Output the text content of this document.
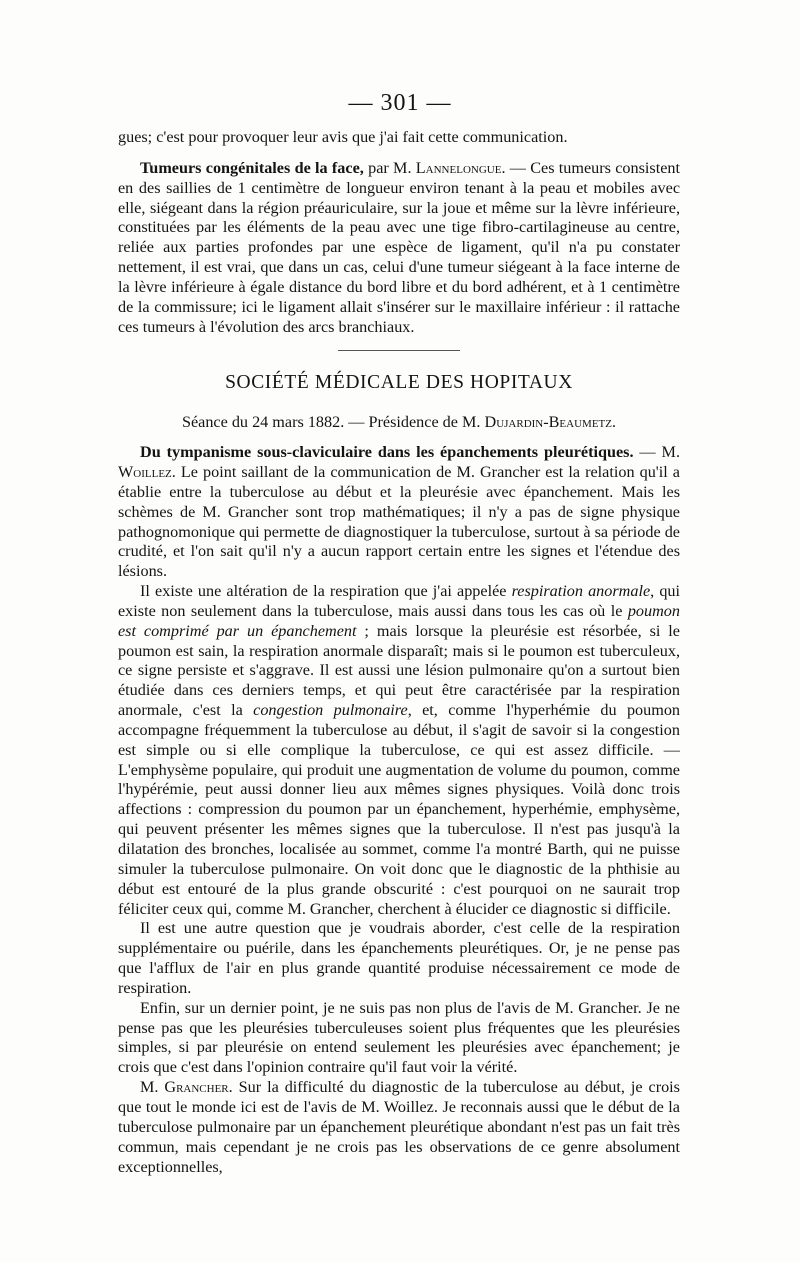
— 301 —

gues; c'est pour provoquer leur avis que j'ai fait cette communication.

Tumeurs congénitales de la face, par M. Lannelongue. — Ces tumeurs consistent en des saillies de 1 centimètre de longueur environ tenant à la peau et mobiles avec elle, siégeant dans la région préauriculaire, sur la joue et même sur la lèvre inférieure, constituées par les éléments de la peau avec une tige fibro-cartilagineuse au centre, reliée aux parties profondes par une espèce de ligament, qu'il n'a pu constater nettement, il est vrai, que dans un cas, celui d'une tumeur siégeant à la face interne de la lèvre inférieure à égale distance du bord libre et du bord adhérent, et à 1 centimètre de la commissure; ici le ligament allait s'insérer sur le maxillaire inférieur : il rattache ces tumeurs à l'évolution des arcs branchiaux.

SOCIÉTÉ MÉDICALE DES HOPITAUX
Séance du 24 mars 1882. — Présidence de M. Dujardin-Beaumetz.

Du tympanisme sous-claviculaire dans les épanchements pleurétiques. — M. Woillez. Le point saillant de la communication de M. Grancher est la relation qu'il a établie entre la tuberculose au début et la pleurésie avec épanchement. Mais les schèmes de M. Grancher sont trop mathématiques; il n'y a pas de signe physique pathognomonique qui permette de diagnostiquer la tuberculose, surtout à sa période de crudité, et l'on sait qu'il n'y a aucun rapport certain entre les signes et l'étendue des lésions.

Il existe une altération de la respiration que j'ai appelée respiration anormale, qui existe non seulement dans la tuberculose, mais aussi dans tous les cas où le poumon est comprimé par un épanchement ; mais lorsque la pleurésie est résorbée, si le poumon est sain, la respiration anormale disparaît; mais si le poumon est tuberculeux, ce signe persiste et s'aggrave. Il est aussi une lésion pulmonaire qu'on a surtout bien étudiée dans ces derniers temps, et qui peut être caractérisée par la respiration anormale, c'est la congestion pulmonaire, et, comme l'hyperhémie du poumon accompagne fréquemment la tuberculose au début, il s'agit de savoir si la congestion est simple ou si elle complique la tuberculose, ce qui est assez difficile. — L'emphysème populaire, qui produit une augmentation de volume du poumon, comme l'hypérémie, peut aussi donner lieu aux mêmes signes physiques. Voilà donc trois affections : compression du poumon par un épanchement, hyperhémie, emphysème, qui peuvent présenter les mêmes signes que la tuberculose. Il n'est pas jusqu'à la dilatation des bronches, localisée au sommet, comme l'a montré Barth, qui ne puisse simuler la tuberculose pulmonaire. On voit donc que le diagnostic de la phthisie au début est entouré de la plus grande obscurité : c'est pourquoi on ne saurait trop féliciter ceux qui, comme M. Grancher, cherchent à élucider ce diagnostic si difficile.

Il est une autre question que je voudrais aborder, c'est celle de la respiration supplémentaire ou puérile, dans les épanchements pleurétiques. Or, je ne pense pas que l'afflux de l'air en plus grande quantité produise nécessairement ce mode de respiration.

Enfin, sur un dernier point, je ne suis pas non plus de l'avis de M. Grancher. Je ne pense pas que les pleurésies tuberculeuses soient plus fréquentes que les pleurésies simples, si par pleurésie on entend seulement les pleurésies avec épanchement; je crois que c'est dans l'opinion contraire qu'il faut voir la vérité.

M. Grancher. Sur la difficulté du diagnostic de la tuberculose au début, je crois que tout le monde ici est de l'avis de M. Woillez. Je reconnais aussi que le début de la tuberculose pulmonaire par un épanchement pleurétique abondant n'est pas un fait très commun, mais cependant je ne crois pas les observations de ce genre absolument exceptionnelles,
